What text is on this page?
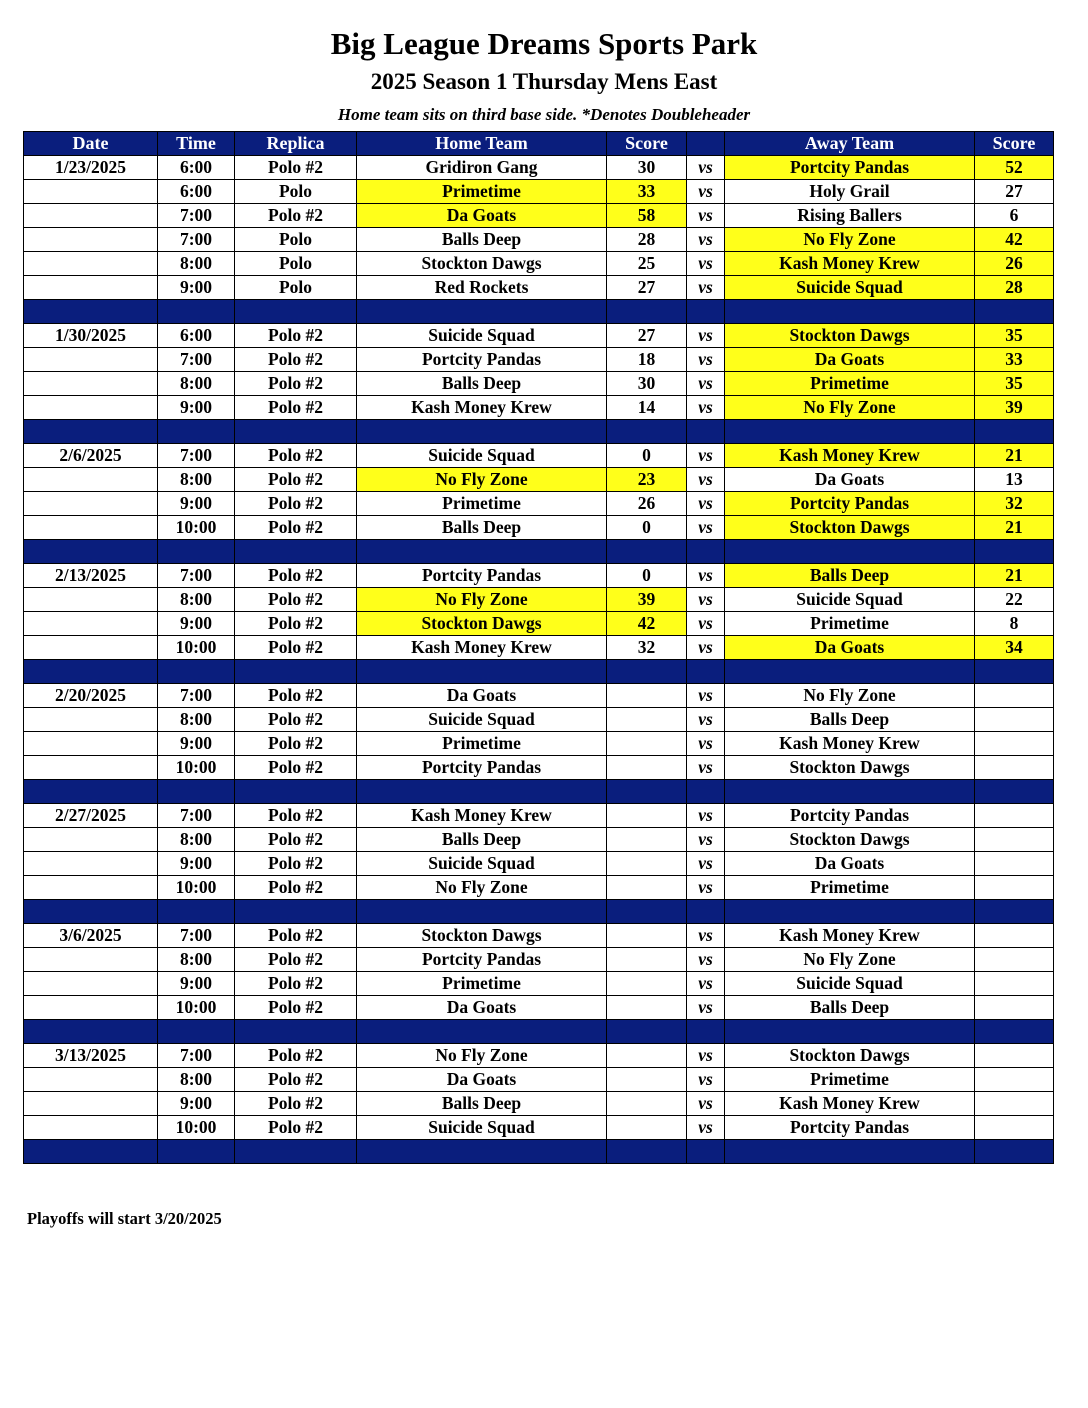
Big League Dreams Sports Park
2025 Season 1 Thursday Mens East
Home team sits on third base side. *Denotes Doubleheader
Date	Time	Replica	Home Team	Score		Away Team	Score
1/23/2025	6:00	Polo #2	Gridiron Gang	30	vs	Portcity Pandas	52
	6:00	Polo	Primetime	33	vs	Holy Grail	27
	7:00	Polo #2	Da Goats	58	vs	Rising Ballers	6
	7:00	Polo	Balls Deep	28	vs	No Fly Zone	42
	8:00	Polo	Stockton Dawgs	25	vs	Kash Money Krew	26
	9:00	Polo	Red Rockets	27	vs	Suicide Squad	28

1/30/2025	6:00	Polo #2	Suicide Squad	27	vs	Stockton Dawgs	35
	7:00	Polo #2	Portcity Pandas	18	vs	Da Goats	33
	8:00	Polo #2	Balls Deep	30	vs	Primetime	35
	9:00	Polo #2	Kash Money Krew	14	vs	No Fly Zone	39

2/6/2025	7:00	Polo #2	Suicide Squad	0	vs	Kash Money Krew	21
	8:00	Polo #2	No Fly Zone	23	vs	Da Goats	13
	9:00	Polo #2	Primetime	26	vs	Portcity Pandas	32
	10:00	Polo #2	Balls Deep	0	vs	Stockton Dawgs	21

2/13/2025	7:00	Polo #2	Portcity Pandas	0	vs	Balls Deep	21
	8:00	Polo #2	No Fly Zone	39	vs	Suicide Squad	22
	9:00	Polo #2	Stockton Dawgs	42	vs	Primetime	8
	10:00	Polo #2	Kash Money Krew	32	vs	Da Goats	34

2/20/2025	7:00	Polo #2	Da Goats		vs	No Fly Zone	
	8:00	Polo #2	Suicide Squad		vs	Balls Deep	
	9:00	Polo #2	Primetime		vs	Kash Money Krew	
	10:00	Polo #2	Portcity Pandas		vs	Stockton Dawgs	

2/27/2025	7:00	Polo #2	Kash Money Krew		vs	Portcity Pandas	
	8:00	Polo #2	Balls Deep		vs	Stockton Dawgs	
	9:00	Polo #2	Suicide Squad		vs	Da Goats	
	10:00	Polo #2	No Fly Zone		vs	Primetime	

3/6/2025	7:00	Polo #2	Stockton Dawgs		vs	Kash Money Krew	
	8:00	Polo #2	Portcity Pandas		vs	No Fly Zone	
	9:00	Polo #2	Primetime		vs	Suicide Squad	
	10:00	Polo #2	Da Goats		vs	Balls Deep	

3/13/2025	7:00	Polo #2	No Fly Zone		vs	Stockton Dawgs	
	8:00	Polo #2	Da Goats		vs	Primetime	
	9:00	Polo #2	Balls Deep		vs	Kash Money Krew	
	10:00	Polo #2	Suicide Squad		vs	Portcity Pandas	

Playoffs will start 3/20/2025
